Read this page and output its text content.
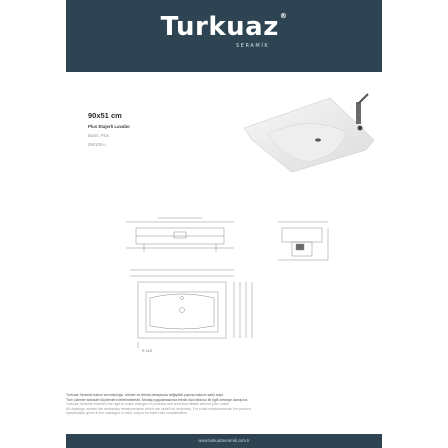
Turkuaz®
SERAMİK
90x51 cm
Plus Etajerli Lavabo
Basin, Plus
090100-u
R 14/3
Turkuaz Seramik bakım sorumluluğu, ürünler ve teknik detaylarda değişiklik yapma hakkını saklı tutar.
Tüm çizimler standart ölçülerden belirtilmektedir. Montaj uygulamasında teknik ölçü tablosu ile ilgili üreticiye danışınız.
Turkuaz Seramik reserves the right to make changes in products and technical details without prior notice.
All drawings contain the necessary measurements which are useful for assembly. For exact measurements, the product
specification given in the catalogue is valid; only to be taken into consideration.
www.turkuazseramik.com.tr
